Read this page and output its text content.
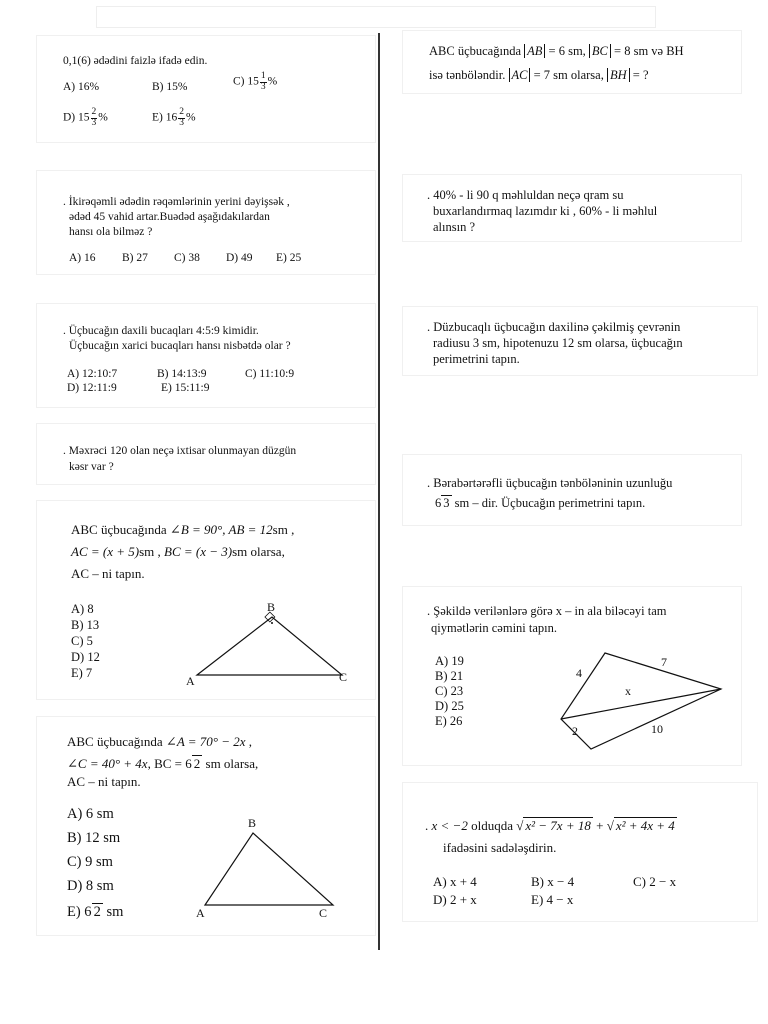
0,1(6) ədədini faizlə ifadə edin.
A) 16%	B) 15%	C) $15 \frac{1}{3}$ %
D) $15 \frac{2}{3}$ %	E) $16 \frac{2}{3}$ %
. İkirəqəmli ədədin rəqəmlərinin yerini dəyişsək ,
ədəd 45 vahid artar.Buədəd aşağıdakılardan
hansı ola bilməz ?
A) 16 B) 27 C) 38 D) 49 E) 25
. Üçbucağın daxili bucaqları 4:5:9 kimidir.
Üçbucağın xarici bucaqları hansı nisbətdə olar ?
A) 12:10:7	B) 14:13:9	C) 11:10:9
D) 12:11:9	E) 15:11:9
. Məxrəci 120 olan neçə ixtisar olunmayan düzgün
kəsr var ?
ABC üçbucağında ∠B = 90°, AB = 12sm ,
AC = (x + 5)sm , BC = (x − 3)sm olarsa,
AC – ni tapın.
A) 8
B) 13
C) 5
D) 12
E) 7
B
A	C
ABC üçbucağında ∠A = 70° − 2x ,
∠C = 40° + 4x, BC = 6 2 sm olarsa,
AC – ni tapın.
A) 6 sm
B) 12 sm
C) 9 sm
D) 8 sm
E) 6 2 sm
B
A	C
ABC üçbucağında AB = 6 sm, BC = 8 sm və BH
isə tənböləndir. AC = 7 sm olarsa, BH = ?
. 40% - li 90 q məhluldan neçə qram su
buxarlandırmaq lazımdır ki , 60% - li məhlul
alınsın ?
. Düzbucaqlı üçbucağın daxilinə çəkilmiş çevrənin
radiusu 3 sm, hipotenuzu 12 sm olarsa, üçbucağın
perimetrini tapın.
. Bərabərtərəfli üçbucağın tənböləninin uzunluğu
6 3 sm – dir. Üçbucağın perimetrini tapın.
. Şəkildə verilənlərə görə x – in ala biləcəyi tam
qiymətlərin cəmini tapın.
A) 19
B) 21
C) 23
D) 25
E) 26
4
7
x
2	10
. x < −2 olduqda √ x² − 7x + 18 + √ x² + 4x + 4
ifadəsini sadələşdirin.
A) x + 4	B) x − 4	C) 2 − x
D) 2 + x	E) 4 − x
